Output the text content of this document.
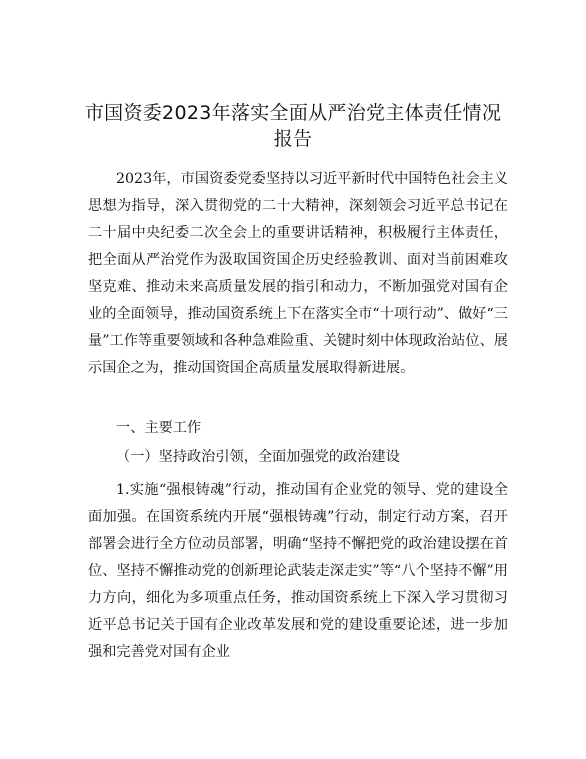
市国资委2023年落实全面从严治党主体责任情况报告
2023年，市国资委党委坚持以习近平新时代中国特色社会主义思想为指导，深入贯彻党的二十大精神，深刻领会习近平总书记在二十届中央纪委二次全会上的重要讲话精神，积极履行主体责任，把全面从严治党作为汲取国资国企历史经验教训、面对当前困难攻坚克难、推动未来高质量发展的指引和动力，不断加强党对国有企业的全面领导，推动国资系统上下在落实全市“十项行动”、做好“三量”工作等重要领域和各种急难险重、关键时刻中体现政治站位、展示国企之为，推动国资国企高质量发展取得新进展。
一、主要工作
（一）坚持政治引领，全面加强党的政治建设
1.实施“强根铸魂”行动，推动国有企业党的领导、党的建设全面加强。在国资系统内开展“强根铸魂”行动，制定行动方案，召开部署会进行全方位动员部署，明确“坚持不懈把党的政治建设摆在首位、坚持不懈推动党的创新理论武装走深走实”等“八个坚持不懈”用力方向，细化为多项重点任务，推动国资系统上下深入学习贯彻习近平总书记关于国有企业改革发展和党的建设重要论述，进一步加强和完善党对国有企业
